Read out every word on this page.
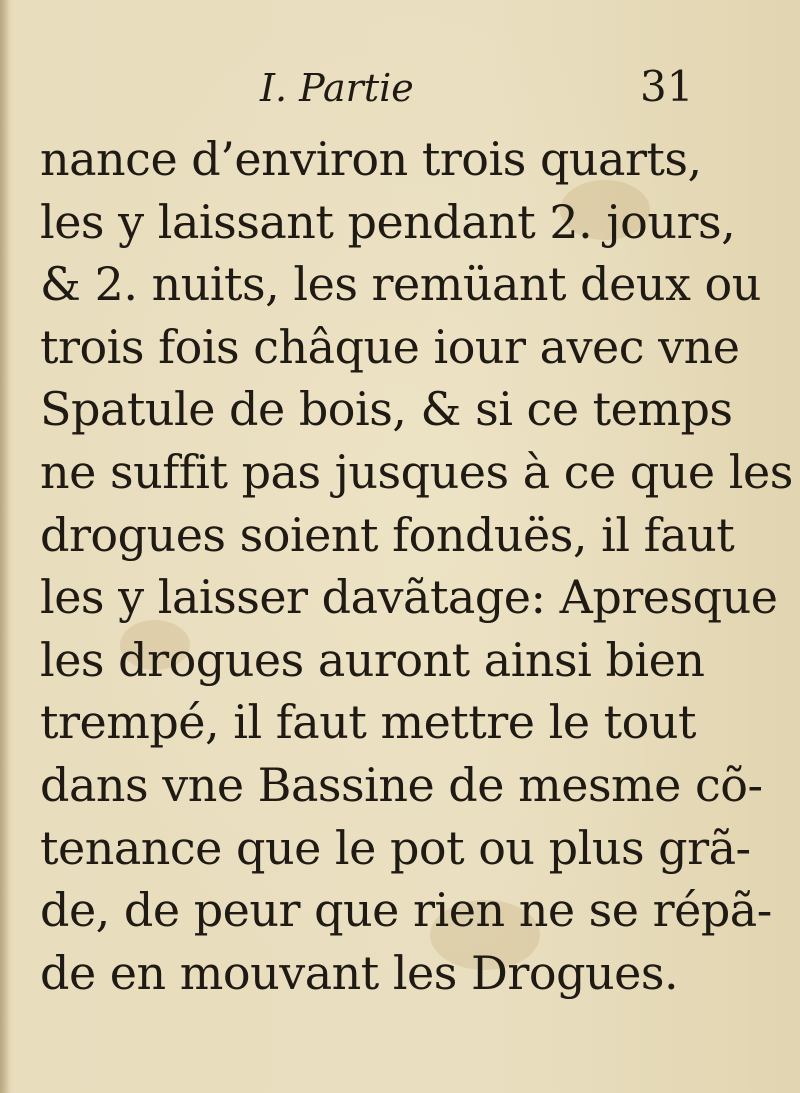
I. Partie	31
nance d’environ trois quarts,
les y laissant pendant 2. jours,
& 2. nuits, les remüant deux ou
trois fois châque iour avec vne
Spatule de bois, & si ce temps
ne suffit pas jusques à ce que les
drogues soient fonduës, il faut
les y laisser davãtage: Apresque
les drogues auront ainsi bien
trempé, il faut mettre le tout
dans vne Bassine de mesme cõ-
tenance que le pot ou plus grã-
de, de peur que rien ne se répã-
de en mouvant les Drogues.
